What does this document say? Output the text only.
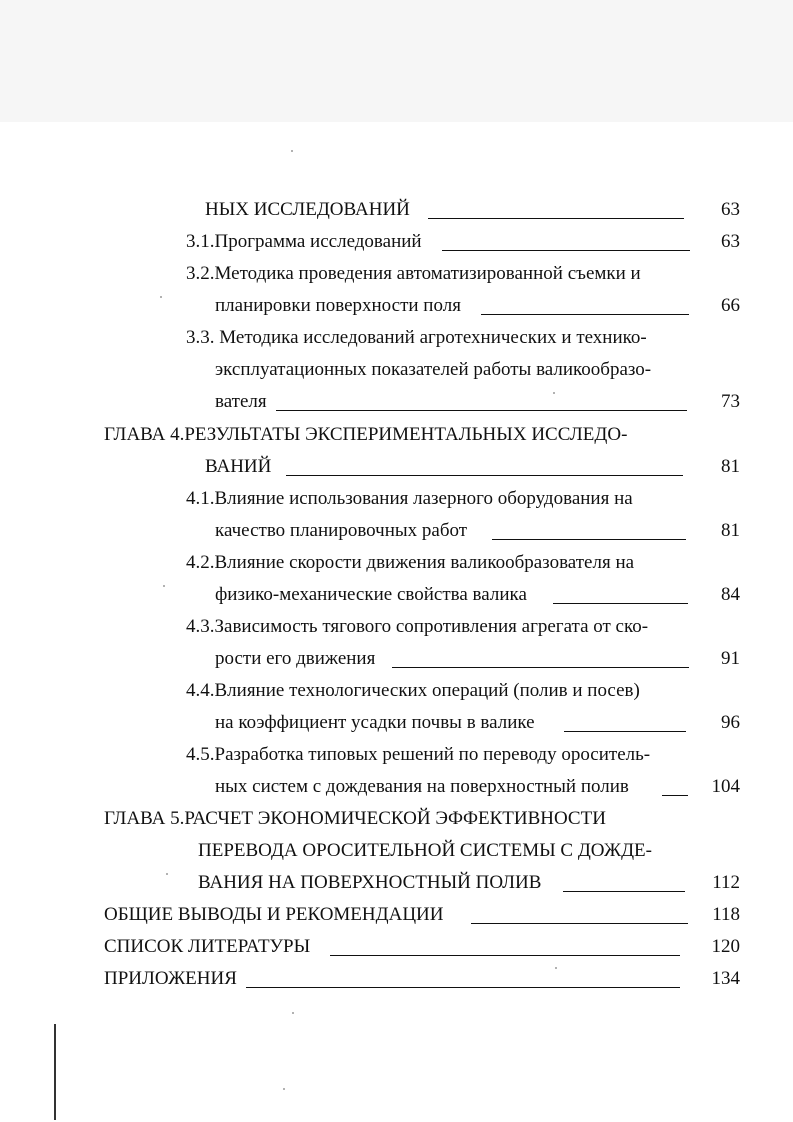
НЫХ ИССЛЕДОВАНИЙ	63
3.1.Программа исследований	63
3.2.Методика проведения автоматизированной съемки и
планировки поверхности поля	66
3.3. Методика исследований агротехнических и технико-
эксплуатационных показателей работы валикообразо-
вателя	73
ГЛАВА 4.РЕЗУЛЬТАТЫ ЭКСПЕРИМЕНТАЛЬНЫХ ИССЛЕДО-
ВАНИЙ	81
4.1.Влияние использования лазерного оборудования на
качество планировочных работ	81
4.2.Влияние скорости движения валикообразователя на
физико-механические свойства валика	84
4.3.Зависимость тягового сопротивления агрегата от ско-
рости его движения	91
4.4.Влияние технологических операций (полив и посев)
на коэффициент усадки почвы в валике	96
4.5.Разработка типовых решений по переводу ороситель-
ных систем с дождевания на поверхностный полив	104
ГЛАВА 5.РАСЧЕТ ЭКОНОМИЧЕСКОЙ ЭФФЕКТИВНОСТИ
ПЕРЕВОДА ОРОСИТЕЛЬНОЙ СИСТЕМЫ С ДОЖДЕ-
ВАНИЯ НА ПОВЕРХНОСТНЫЙ ПОЛИВ	112
ОБЩИЕ ВЫВОДЫ И РЕКОМЕНДАЦИИ	118
СПИСОК ЛИТЕРАТУРЫ	120
ПРИЛОЖЕНИЯ	134
